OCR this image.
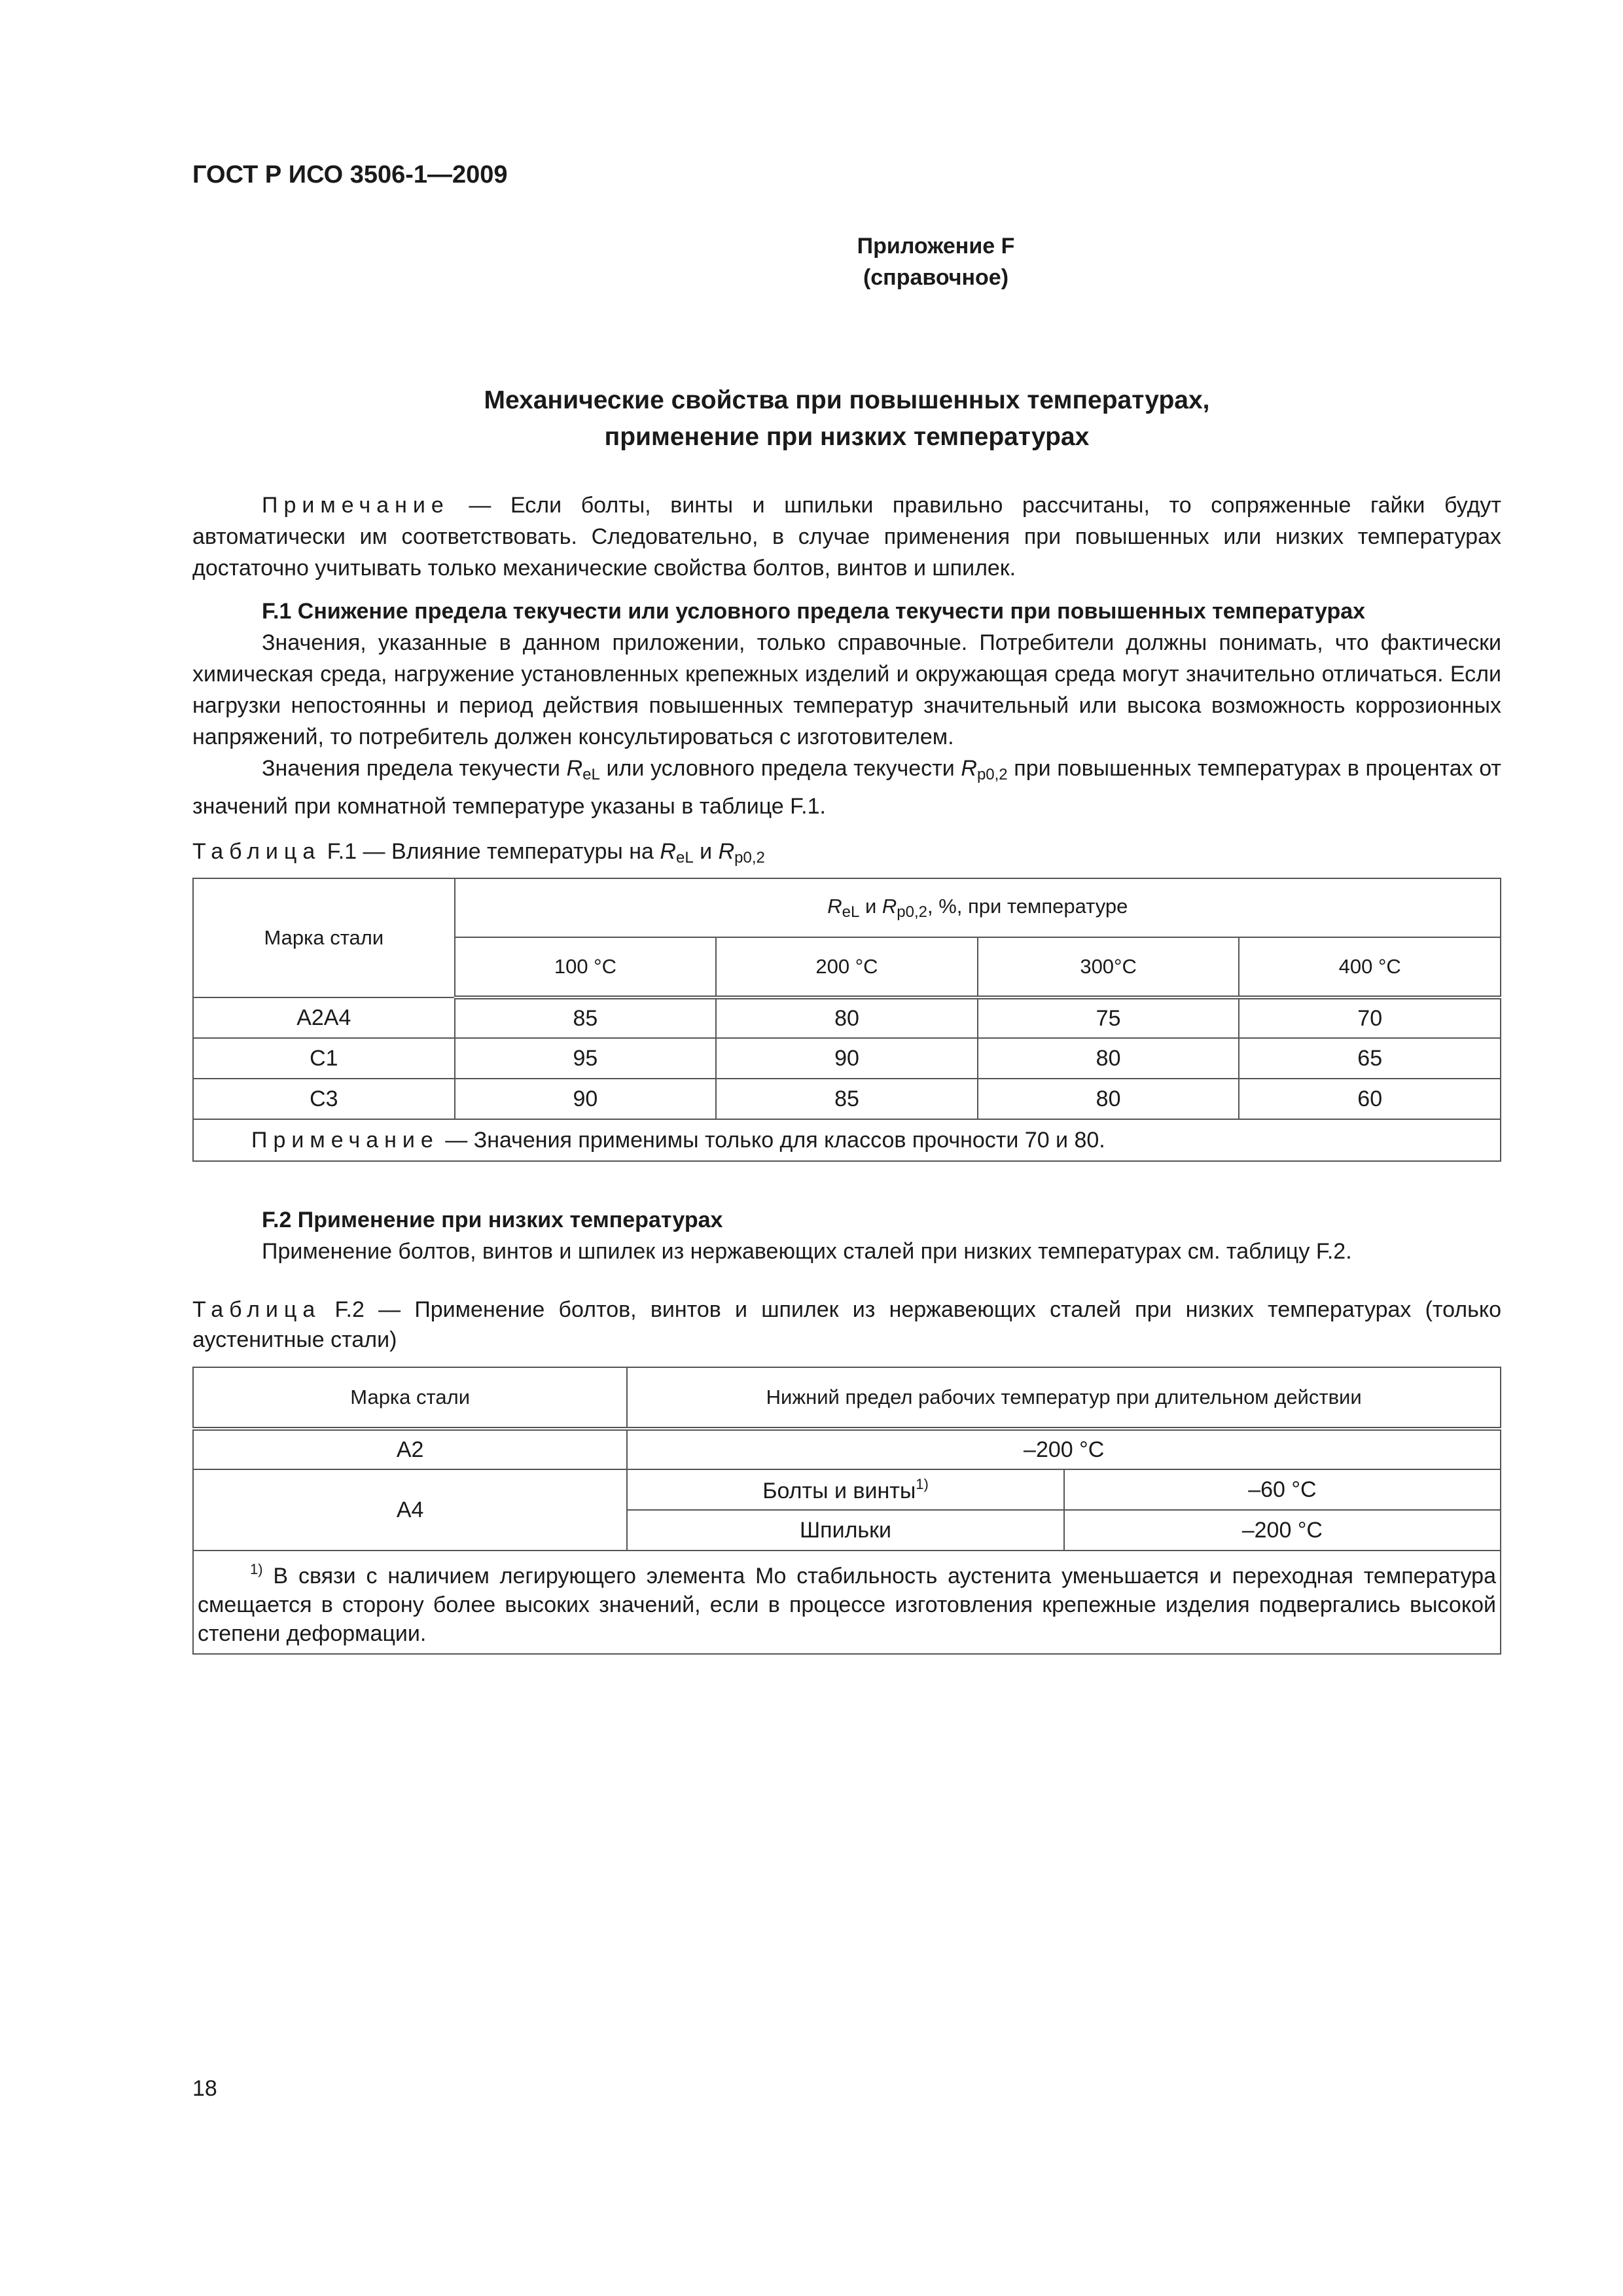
ГОСТ Р ИСО 3506-1—2009
Приложение F
(справочное)
Механические свойства при повышенных температурах,
применение при низких температурах
Примечание — Если болты, винты и шпильки правильно рассчитаны, то сопряженные гайки будут автоматически им соответствовать. Следовательно, в случае применения при повышенных или низких температурах достаточно учитывать только механические свойства болтов, винтов и шпилек.
F.1 Снижение предела текучести или условного предела текучести при повышенных температурах
Значения, указанные в данном приложении, только справочные. Потребители должны понимать, что фактически химическая среда, нагружение установленных крепежных изделий и окружающая среда могут значительно отличаться. Если нагрузки непостоянны и период действия повышенных температур значительный или высока возможность коррозионных напряжений, то потребитель должен консультироваться с изготовителем.
Значения предела текучести $R_{eL}$ или условного предела текучести $R_{p0,2}$ при повышенных температурах в процентах от значений при комнатной температуре указаны в таблице F.1.
Таблица F.1 — Влияние температуры на $R_{eL}$ и $R_{p0,2}$
Марка стали	$R_{eL}$ и $R_{p0,2}$, %, при температуре			
	100 °C	200 °C	300°C	400 °C
A2A4	85	80	75	70
C1	95	90	80	65
C3	90	85	80	60
Примечание — Значения применимы только для классов прочности 70 и 80.				
F.2 Применение при низких температурах
Применение болтов, винтов и шпилек из нержавеющих сталей при низких температурах см. таблицу F.2.
Таблица F.2 — Применение болтов, винтов и шпилек из нержавеющих сталей при низких температурах (только аустенитные стали)
Марка стали	Нижний предел рабочих температур при длительном действии	
A2	–200 °C	
A4	Болты и винты$^{1)}$	–60 °C
	Шпильки	–200 °C
$^{1)}$ В связи с наличием легирующего элемента Mo стабильность аустенита уменьшается и переходная температура смещается в сторону более высоких значений, если в процессе изготовления крепежные изделия подвергались высокой степени деформации.		
18
